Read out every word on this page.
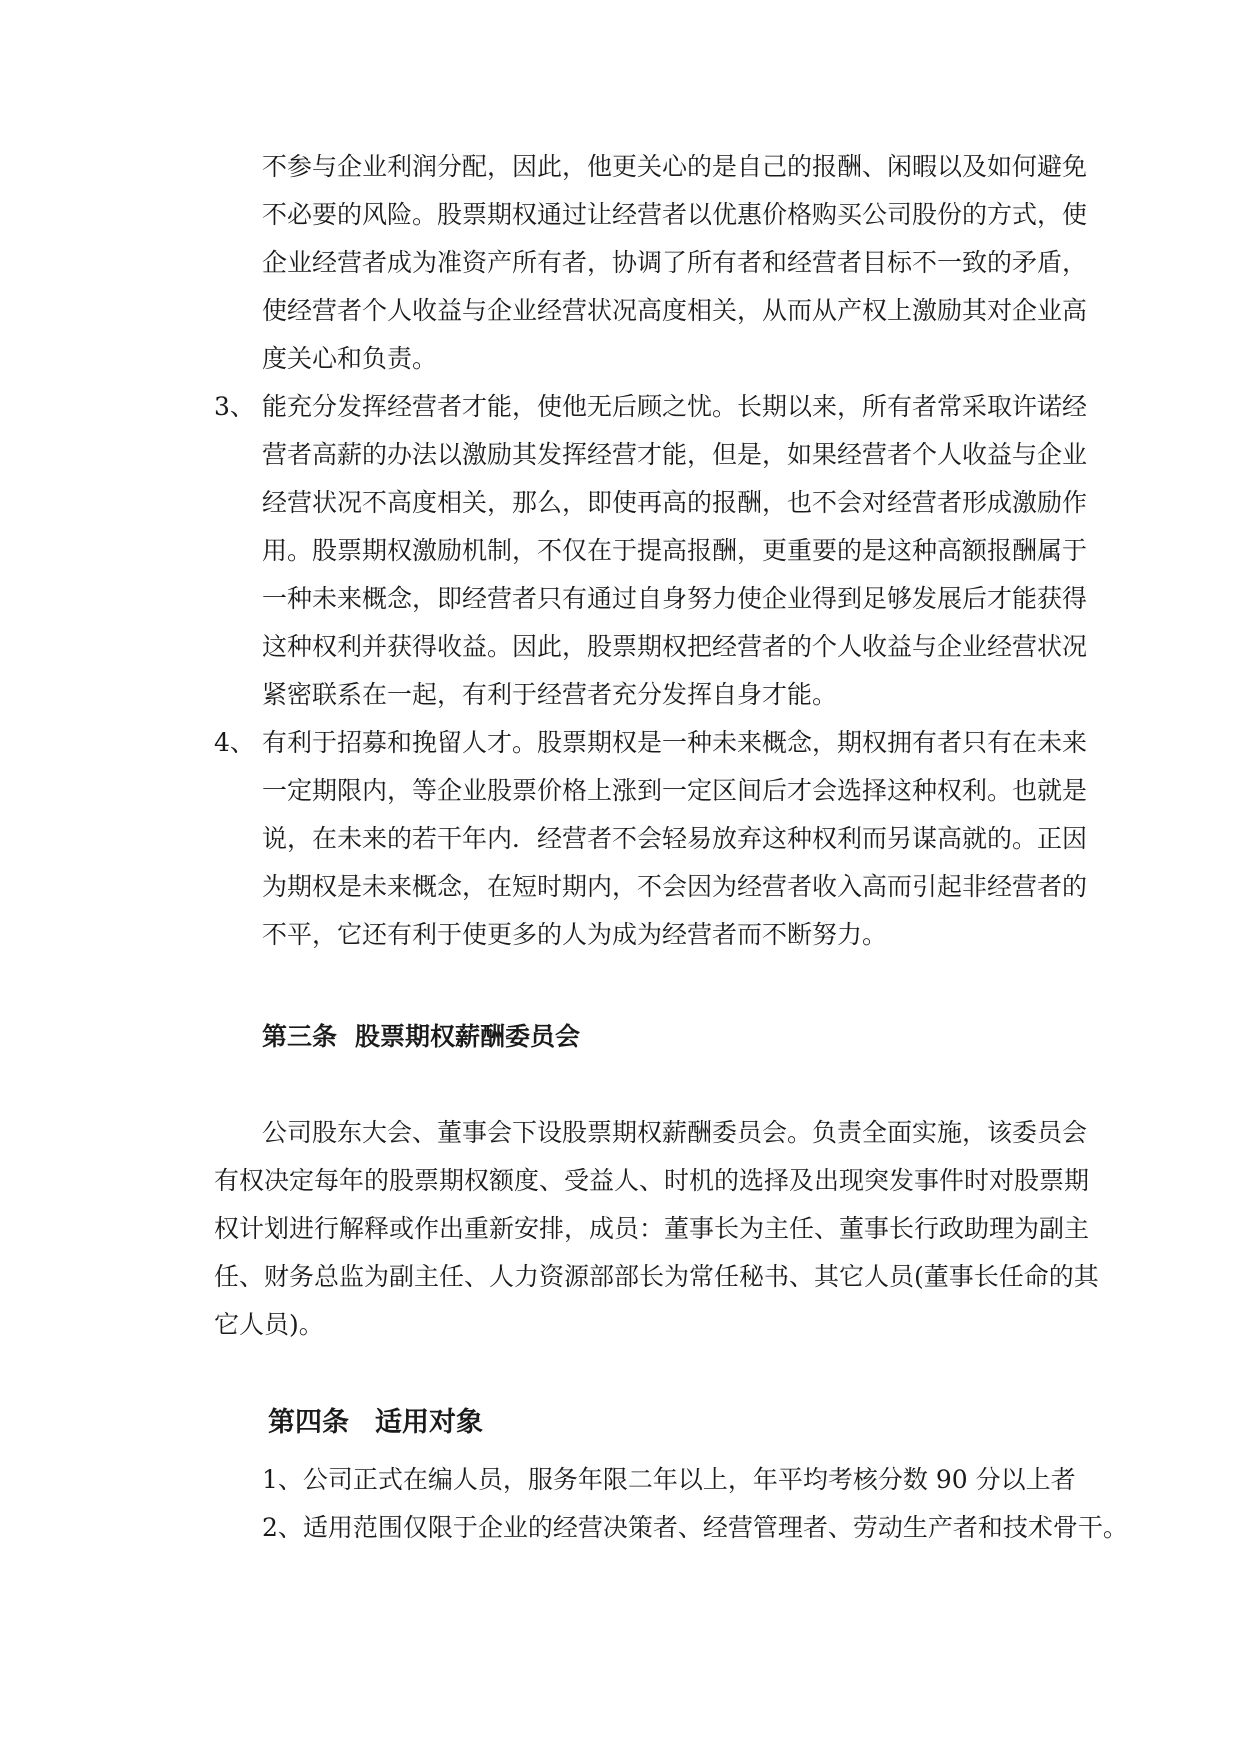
不参与企业利润分配，因此，他更关心的是自己的报酬、闲暇以及如何避免
不必要的风险。股票期权通过让经营者以优惠价格购买公司股份的方式，使
企业经营者成为准资产所有者，协调了所有者和经营者目标不一致的矛盾，
使经营者个人收益与企业经营状况高度相关，从而从产权上激励其对企业高
度关心和负责。
3、 能充分发挥经营者才能，使他无后顾之忧。长期以来，所有者常采取许诺经
营者高薪的办法以激励其发挥经营才能，但是，如果经营者个人收益与企业
经营状况不高度相关，那么，即使再高的报酬，也不会对经营者形成激励作
用。股票期权激励机制，不仅在于提高报酬，更重要的是这种高额报酬属于
一种未来概念，即经营者只有通过自身努力使企业得到足够发展后才能获得
这种权利并获得收益。因此，股票期权把经营者的个人收益与企业经营状况
紧密联系在一起，有利于经营者充分发挥自身才能。
4、 有利于招募和挽留人才。股票期权是一种未来概念，期权拥有者只有在未来
一定期限内，等企业股票价格上涨到一定区间后才会选择这种权利。也就是
说，在未来的若干年内．经营者不会轻易放弃这种权利而另谋高就的。正因
为期权是未来概念，在短时期内，不会因为经营者收入高而引起非经营者的
不平，它还有利于使更多的人为成为经营者而不断努力。
第三条 股票期权薪酬委员会
公司股东大会、董事会下设股票期权薪酬委员会。负责全面实施，该委员会
有权决定每年的股票期权额度、受益人、时机的选择及出现突发事件时对股票期
权计划进行解释或作出重新安排，成员：董事长为主任、董事长行政助理为副主
任、财务总监为副主任、人力资源部部长为常任秘书、其它人员(董事长任命的其
它人员)。
第四条 适用对象
1、公司正式在编人员，服务年限二年以上，年平均考核分数 90 分以上者
2、适用范围仅限于企业的经营决策者、经营管理者、劳动生产者和技术骨干。
